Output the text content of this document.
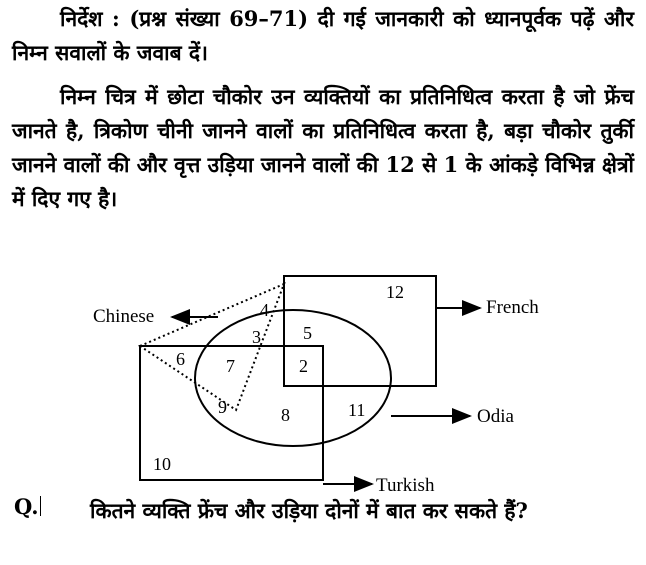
निर्देश : (प्रश्न संख्या 69–71) दी गई जानकारी को ध्यानपूर्वक पढ़ें और निम्न सवालों के जवाब दें।
निम्न चित्र में छोटा चौकोर उन व्यक्तियों का प्रतिनिधित्व करता है जो फ्रेंच जानते है, त्रिकोण चीनी जानने वालों का प्रतिनिधित्व करता है, बड़ा चौकोर तुर्की जानने वालों की और वृत्त उड़िया जानने वालों की 12 से 1 के आंकड़े विभिन्न क्षेत्रों में दिए गए है।
Chinese	French
Odia
Turkish
12
4
5
3
6 7	2
9	8	11
10
Q. कितने व्यक्ति फ्रेंच और उड़िया दोनों में बात कर सकते हैं?
